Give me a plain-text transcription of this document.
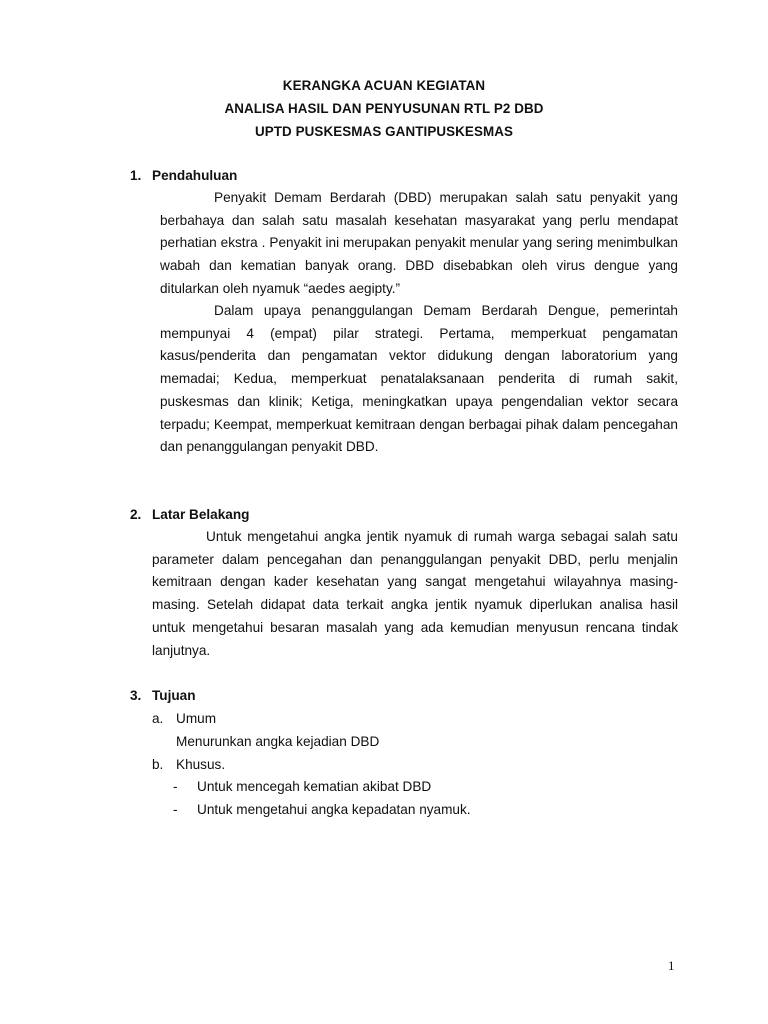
KERANGKA ACUAN KEGIATAN
ANALISA HASIL DAN PENYUSUNAN RTL P2 DBD
UPTD PUSKESMAS GANTIPUSKESMAS
1. Pendahuluan

Penyakit Demam Berdarah (DBD) merupakan salah satu penyakit yang berbahaya dan salah satu masalah kesehatan masyarakat yang perlu mendapat perhatian ekstra . Penyakit ini merupakan penyakit menular yang sering menimbulkan wabah dan kematian banyak orang. DBD disebabkan oleh virus dengue yang ditularkan oleh nyamuk “aedes aegipty.”

Dalam upaya penanggulangan Demam Berdarah Dengue, pemerintah mempunyai 4 (empat) pilar strategi. Pertama, memperkuat pengamatan kasus/penderita dan pengamatan vektor didukung dengan laboratorium yang memadai; Kedua, memperkuat penatalaksanaan penderita di rumah sakit, puskesmas dan klinik; Ketiga, meningkatkan upaya pengendalian vektor secara terpadu; Keempat, memperkuat kemitraan dengan berbagai pihak dalam pencegahan dan penanggulangan penyakit DBD.

2. Latar Belakang

Untuk mengetahui angka jentik nyamuk di rumah warga sebagai salah satu parameter dalam pencegahan dan penanggulangan penyakit DBD, perlu menjalin kemitraan dengan kader kesehatan yang sangat mengetahui wilayahnya masing-masing. Setelah didapat data terkait angka jentik nyamuk diperlukan analisa hasil untuk mengetahui besaran masalah yang ada kemudian menyusun rencana tindak lanjutnya.

3. Tujuan
a. Umum
Menurunkan angka kejadian DBD
b. Khusus.
- Untuk mencegah kematian akibat DBD
- Untuk mengetahui angka kepadatan nyamuk.
1
